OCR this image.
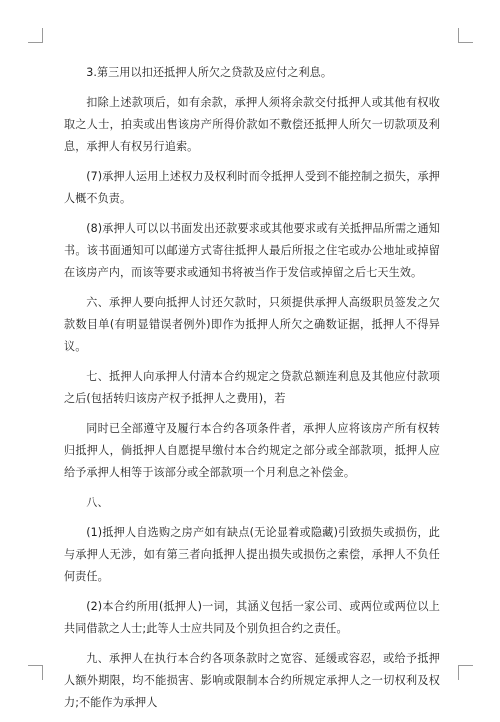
3.第三用以扣还抵押人所欠之贷款及应付之利息。

扣除上述款项后，如有余款，承押人须将余款交付抵押人或其他有权收取之人士，拍卖或出售该房产所得价款如不敷偿还抵押人所欠一切款项及利息，承押人有权另行追索。

(7)承押人运用上述权力及权利时而令抵押人受到不能控制之损失，承押人概不负责。

(8)承押人可以以书面发出还款要求或其他要求或有关抵押品所需之通知书。该书面通知可以邮递方式寄往抵押人最后所报之住宅或办公地址或掉留在该房产内，而该等要求或通知书将被当作于发信或掉留之后七天生效。

六、承押人要向抵押人讨还欠款时，只须提供承押人高级职员签发之欠款数目单(有明显错误者例外)即作为抵押人所欠之确数证据，抵押人不得异议。

七、抵押人向承押人付清本合约规定之贷款总额连利息及其他应付款项之后(包括转归该房产权予抵押人之费用)，若

同时已全部遵守及履行本合约各项条件者，承押人应将该房产所有权转归抵押人，倘抵押人自愿提早缴付本合约规定之部分或全部款项，抵押人应给予承押人相等于该部分或全部款项一个月利息之补偿金。

八、

(1)抵押人自选购之房产如有缺点(无论显着或隐藏)引致损失或损伤，此与承押人无涉，如有第三者向抵押人提出损失或损伤之索偿，承押人不负任何责任。

(2)本合约所用(抵押人)一词，其涵义包括一家公司、或两位或两位以上共同借款之人士;此等人士应共同及个别负担合约之责任。

九、承押人在执行本合约各项条款时之宽容、延缓或容忍，或给予抵押人额外期限，均不能损害、影响或限制本合约所规定承押人之一切权利及权力;不能作为承押人
